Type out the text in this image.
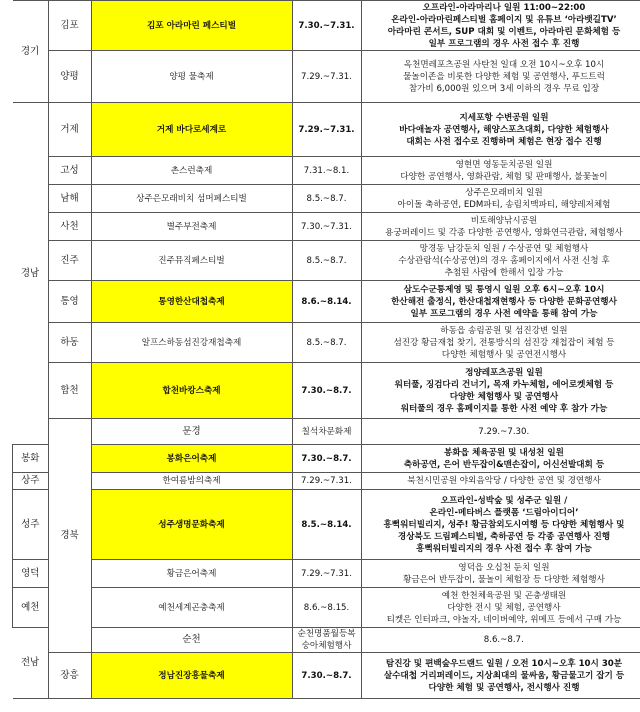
경기	김포	김포 아라마린 페스티벌	7.30.~7.31.	오프라인-아라마리나 일원 11:00~22:00
온라인-아라마린페스티벌 홈페이지 및 유튜브 ‘아라뱃길TV’
아라마린 콘서트, SUP 대회 및 이벤트, 아라마린 문화체험 등
일부 프로그램의 경우 사전 접수 후 진행	

	양평	양평 물축제	7.29.~7.31.	옥천면레포츠공원 사탄천 일대 오전 10시~오후 10시
물놀이존을 비롯한 다양한 체험 및 공연행사, 푸드트럭
참가비 6,000원 있으며 3세 이하의 경우 무료 입장	

경남	거제	거제 바다로세계로	7.29.~7.31.	지세포항 수변공원 일원
바다애놀자 공연행사, 해양스포츠대회, 다양한 체험행사
대회는 사전 접수로 진행하며 체험은 현장 접수 진행	

	고성	촌스런축제	7.31.~8.1.	영현면 영동둔치공원 일원
다양한 공연행사, 영화관람, 체험 및 판매행사, 불꽃놀이	

	남해	상주은모래비치 섬머페스티벌	8.5.~8.7.	상주은모래비치 일원
아이돌 축하공연, EDM파티, 송림치맥파티, 해양레저체험	

	사천	별주부전축제	7.30.~7.31.	비토해양낚시공원
용궁퍼레이드 및 각종 다양한 공연행사, 영화연극관람, 체험행사	

	진주	진주뮤직페스티벌	8.5.~8.7.	망경동 남강둔치 일원 / 수상공연 및 체험행사
수상관람석(수상공연)의 경우 홈페이지에서 사전 신청 후
추첨된 사람에 한해서 입장 가능	

	통영	통영한산대첩축제	8.6.~8.14.	삼도수군통제영 및 통영시 일원 오후 6시~오후 10시
한산해전 출정식, 한산대첩재현행사 등 다양한 문화공연행사
일부 프로그램의 경우 사전 예약을 통해 참여 가능	

	하동	알프스하동섬진강재첩축제	8.5.~8.7.	하동읍 송림공원 및 섬진강변 일원
섬진강 황금재첩 찾기, 전통방식의 섬진강 재첩잡이 체험 등
다양한 체험행사 및 공연전시행사	

	합천	합천바캉스축제	7.30.~8.7.	정양레포츠공원 일원
워터풀, 징검다리 건너기, 목재 카누체험, 에어로켓체험 등
다양한 체험행사 및 공연행사
워터풀의 경우 홈페이지를 통한 사전 예약 후 참가 가능	

	경북	문경	칠석차문화제	7.29.~7.30.	

봉화		봉화은어축제	7.30.~8.7.	봉화읍 체육공원 및 내성천 일원
축하공연, 은어 반두잡이&맨손잡이, 어신선발대회 등	

상주		한여름밤의축제	7.29.~7.31.	북천시민공원 야외음악당 / 다양한 공연 및 경연행사	

성주		성주생명문화축제	8.5.~8.14.	오프라인-성박숲 및 성주군 일원 /
온라인-메타버스 플랫폼 ‘드림아이디어’
흥뻑워터빌리지, 성주! 황금참외도시여행 등 다양한 체험행사 및
경상북도 드림페스티벌, 축하공연 등 각종 공연행사 진행
흥뻑워터빌리지의 경우 사전 접수 후 참여 가능	

영덕		황금은어축제	7.29.~7.31.	영덕읍 오십천 둔치 일원
황금은어 반두잡이, 물놀이 체험장 등 다양한 체험행사	

예천		예천세계곤충축제	8.6.~8.15.	예천 한천체육공원 및 곤충생태원
다양한 전시 및 체험, 공연행사
티켓은 인터파크, 야놀자, 네이버예약, 위메프 등에서 구매 가능	

전남		순천	순천명품월등복숭아체험행사	8.6.~8.7.	

	장흥	정남진장흥물축제	7.30.~8.7.	탐진강 및 편백숲우드랜드 일원 / 오전 10시~오후 10시 30분
살수대첩 거리퍼레이드, 지상최대의 물싸움, 황금물고기 잡기 등
다양한 체험 및 공연행사, 전시행사 진행	
